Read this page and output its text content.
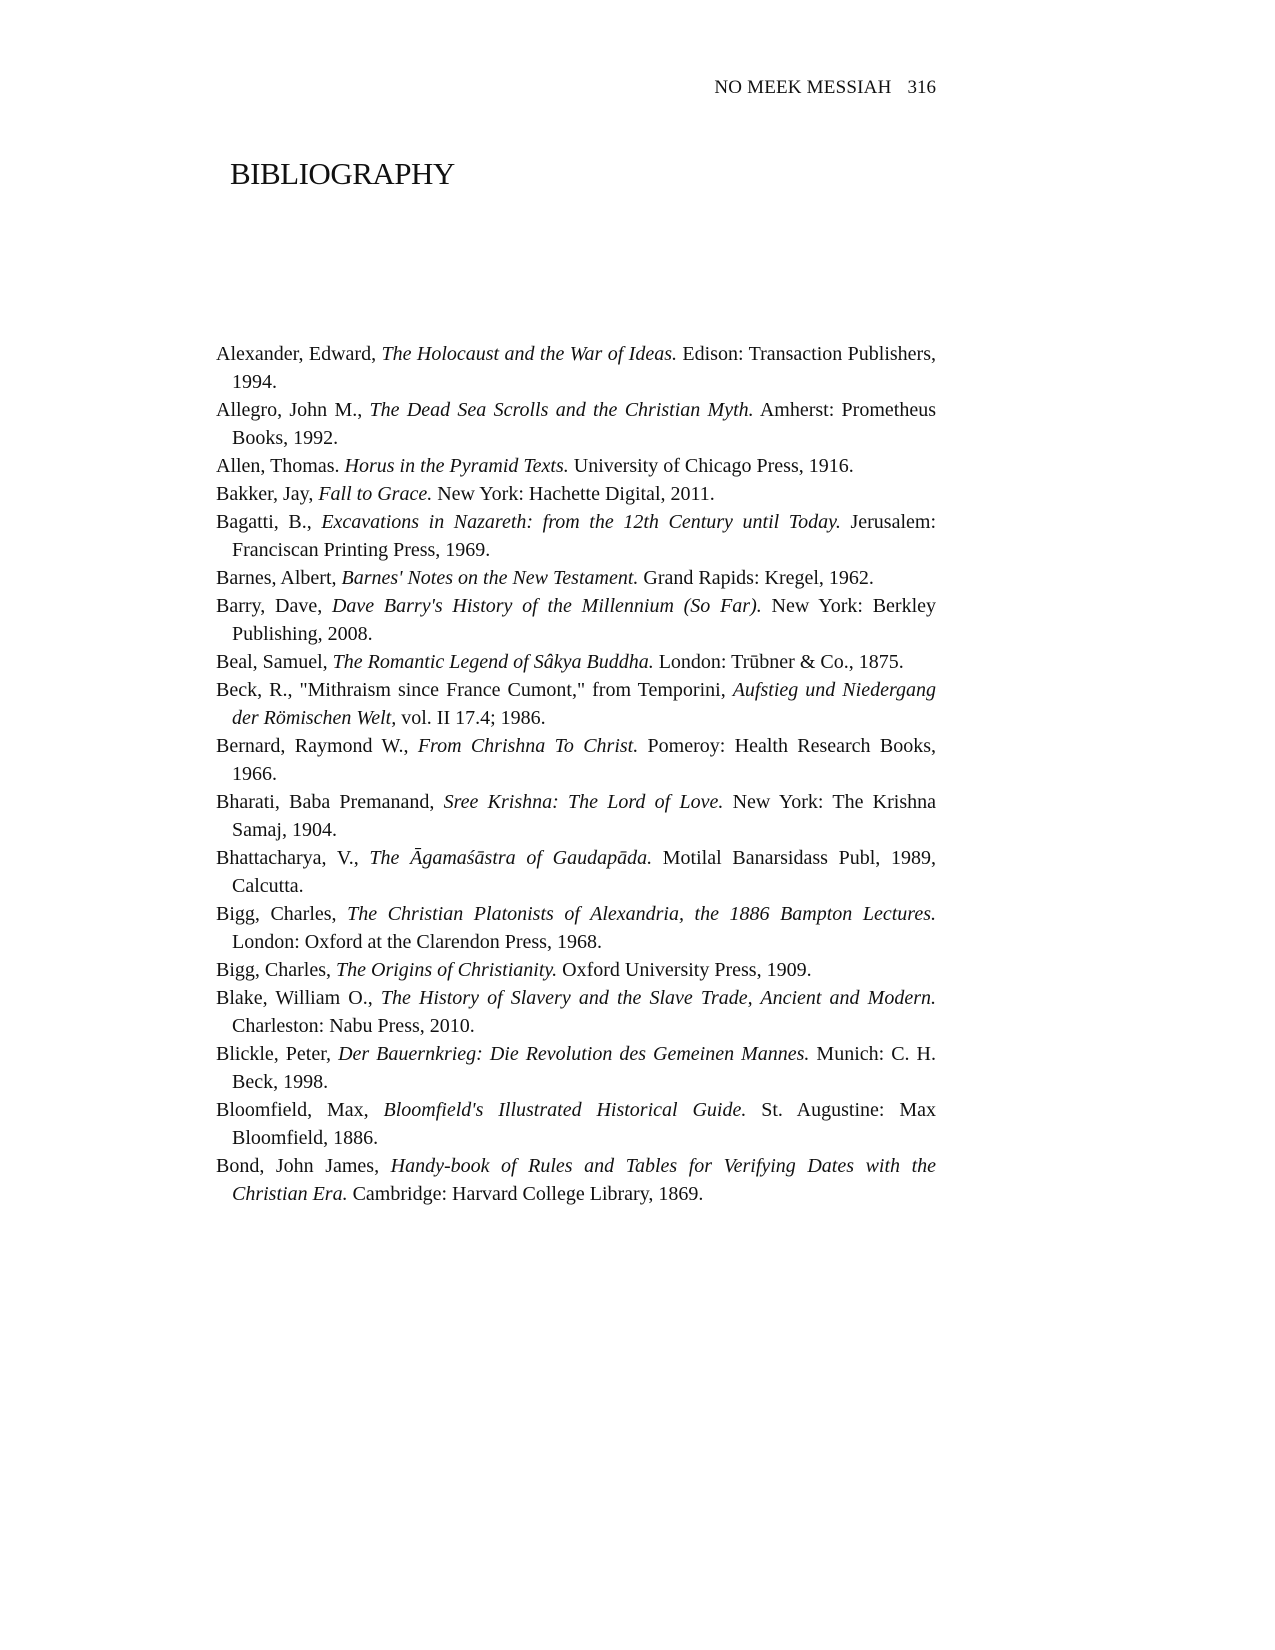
NO MEEK MESSIAH 316
BIBLIOGRAPHY

Alexander, Edward, The Holocaust and the War of Ideas. Edison: Transaction Publishers, 1994.

Allegro, John M., The Dead Sea Scrolls and the Christian Myth. Amherst: Prometheus Books, 1992.

Allen, Thomas. Horus in the Pyramid Texts. University of Chicago Press, 1916.

Bakker, Jay, Fall to Grace. New York: Hachette Digital, 2011.

Bagatti, B., Excavations in Nazareth: from the 12th Century until Today. Jerusalem: Franciscan Printing Press, 1969.

Barnes, Albert, Barnes' Notes on the New Testament. Grand Rapids: Kregel, 1962.

Barry, Dave, Dave Barry's History of the Millennium (So Far). New York: Berkley Publishing, 2008.

Beal, Samuel, The Romantic Legend of Sâkya Buddha. London: Trūbner & Co., 1875.

Beck, R., "Mithraism since France Cumont," from Temporini, Aufstieg und Niedergang der Römischen Welt, vol. II 17.4; 1986.

Bernard, Raymond W., From Chrishna To Christ. Pomeroy: Health Research Books, 1966.

Bharati, Baba Premanand, Sree Krishna: The Lord of Love. New York: The Krishna Samaj, 1904.

Bhattacharya, V., The Āgamaśāstra of Gaudapāda. Motilal Banarsidass Publ, 1989, Calcutta.

Bigg, Charles, The Christian Platonists of Alexandria, the 1886 Bampton Lectures. London: Oxford at the Clarendon Press, 1968.

Bigg, Charles, The Origins of Christianity. Oxford University Press, 1909.

Blake, William O., The History of Slavery and the Slave Trade, Ancient and Modern. Charleston: Nabu Press, 2010.

Blickle, Peter, Der Bauernkrieg: Die Revolution des Gemeinen Mannes. Munich: C. H. Beck, 1998.

Bloomfield, Max, Bloomfield's Illustrated Historical Guide. St. Augustine: Max Bloomfield, 1886.

Bond, John James, Handy-book of Rules and Tables for Verifying Dates with the Christian Era. Cambridge: Harvard College Library, 1869.
